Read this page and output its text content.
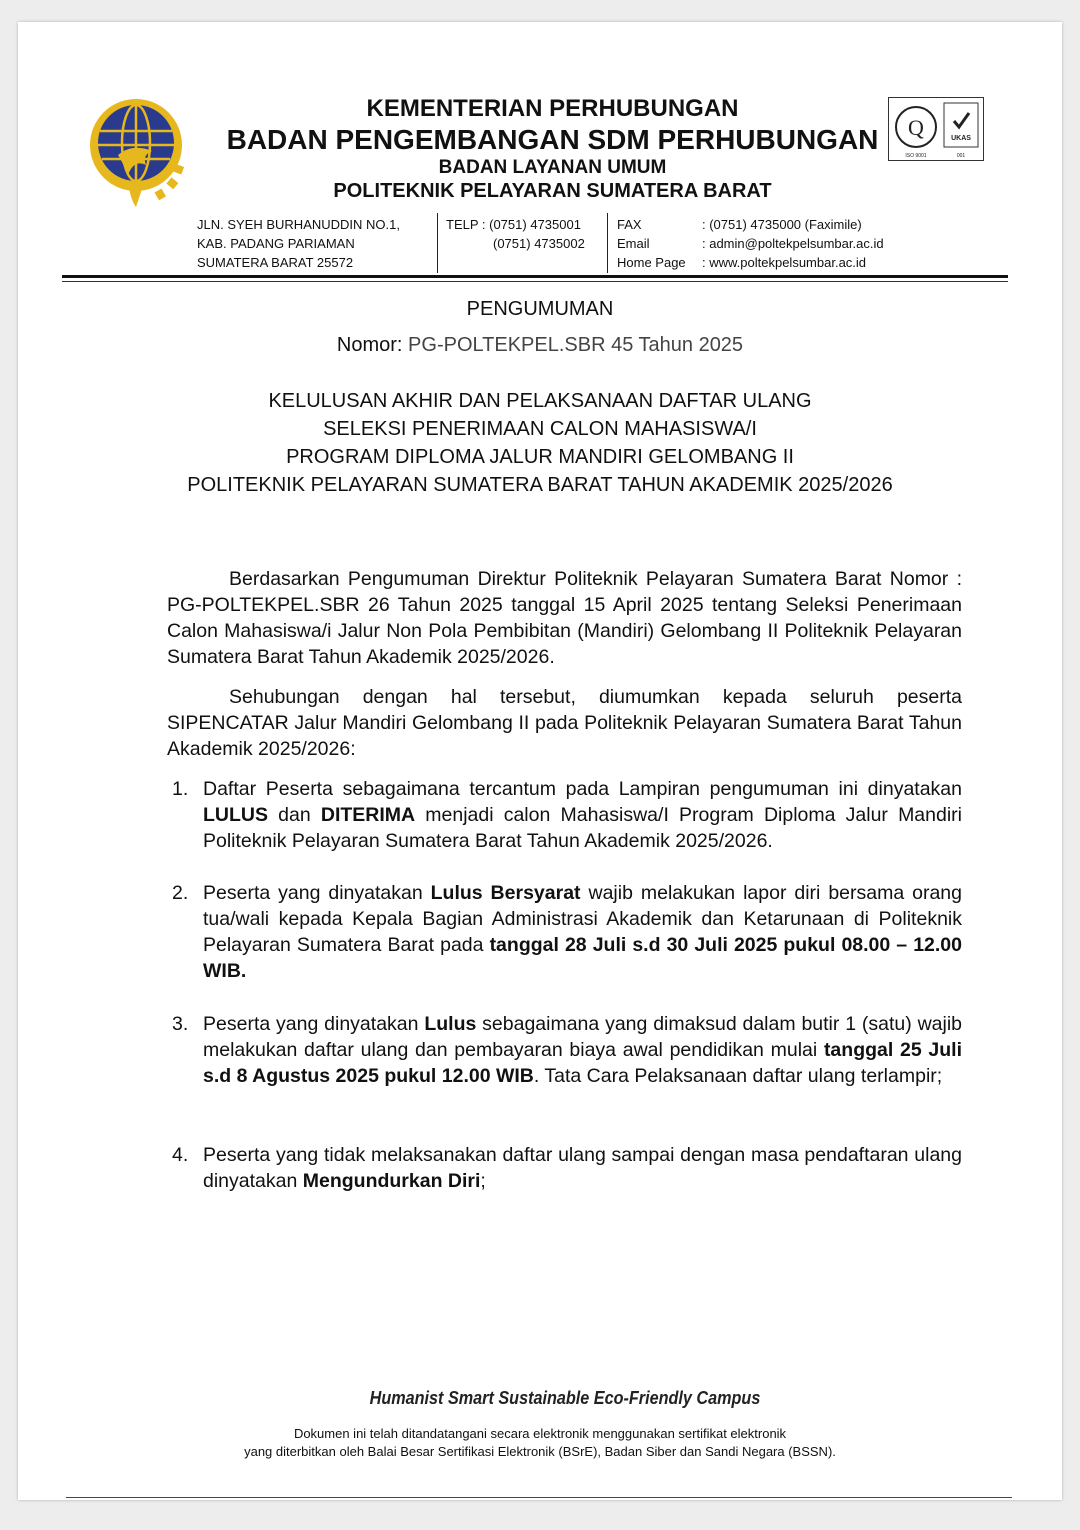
Q	UKAS
ISO 9001	001
KEMENTERIAN PERHUBUNGAN
BADAN PENGEMBANGAN SDM PERHUBUNGAN
BADAN LAYANAN UMUM
POLITEKNIK PELAYARAN SUMATERA BARAT
JLN. SYEH BURHANUDDIN NO.1,
KAB. PADANG PARIAMAN
SUMATERA BARAT 25572
TELP : (0751) 4735001
(0751) 4735002
FAX
Email
Home Page
: (0751) 4735000 (Faximile)
: admin@poltekpelsumbar.ac.id
: www.poltekpelsumbar.ac.id
PENGUMUMAN
Nomor: PG-POLTEKPEL.SBR 45 Tahun 2025
KELULUSAN AKHIR DAN PELAKSANAAN DAFTAR ULANG
SELEKSI PENERIMAAN CALON MAHASISWA/I
PROGRAM DIPLOMA JALUR MANDIRI GELOMBANG II
POLITEKNIK PELAYARAN SUMATERA BARAT TAHUN AKADEMIK 2025/2026
Berdasarkan Pengumuman Direktur Politeknik Pelayaran Sumatera Barat Nomor : PG-POLTEKPEL.SBR 26 Tahun 2025 tanggal 15 April 2025 tentang Seleksi Penerimaan Calon Mahasiswa/i Jalur Non Pola Pembibitan (Mandiri) Gelombang II Politeknik Pelayaran Sumatera Barat Tahun Akademik 2025/2026.
Sehubungan dengan hal tersebut, diumumkan kepada seluruh peserta SIPENCATAR Jalur Mandiri Gelombang II pada Politeknik Pelayaran Sumatera Barat Tahun Akademik 2025/2026:
1. Daftar Peserta sebagaimana tercantum pada Lampiran pengumuman ini dinyatakan LULUS dan DITERIMA menjadi calon Mahasiswa/I Program Diploma Jalur Mandiri Politeknik Pelayaran Sumatera Barat Tahun Akademik 2025/2026.
2. Peserta yang dinyatakan Lulus Bersyarat wajib melakukan lapor diri bersama orang tua/wali kepada Kepala Bagian Administrasi Akademik dan Ketarunaan di Politeknik Pelayaran Sumatera Barat pada tanggal 28 Juli s.d 30 Juli 2025 pukul 08.00 – 12.00 WIB.
3. Peserta yang dinyatakan Lulus sebagaimana yang dimaksud dalam butir 1 (satu) wajib melakukan daftar ulang dan pembayaran biaya awal pendidikan mulai tanggal 25 Juli s.d 8 Agustus 2025 pukul 12.00 WIB. Tata Cara Pelaksanaan daftar ulang terlampir;
4. Peserta yang tidak melaksanakan daftar ulang sampai dengan masa pendaftaran ulang dinyatakan Mengundurkan Diri;
Humanist Smart Sustainable Eco-Friendly Campus
Dokumen ini telah ditandatangani secara elektronik menggunakan sertifikat elektronik
yang diterbitkan oleh Balai Besar Sertifikasi Elektronik (BSrE), Badan Siber dan Sandi Negara (BSSN).
